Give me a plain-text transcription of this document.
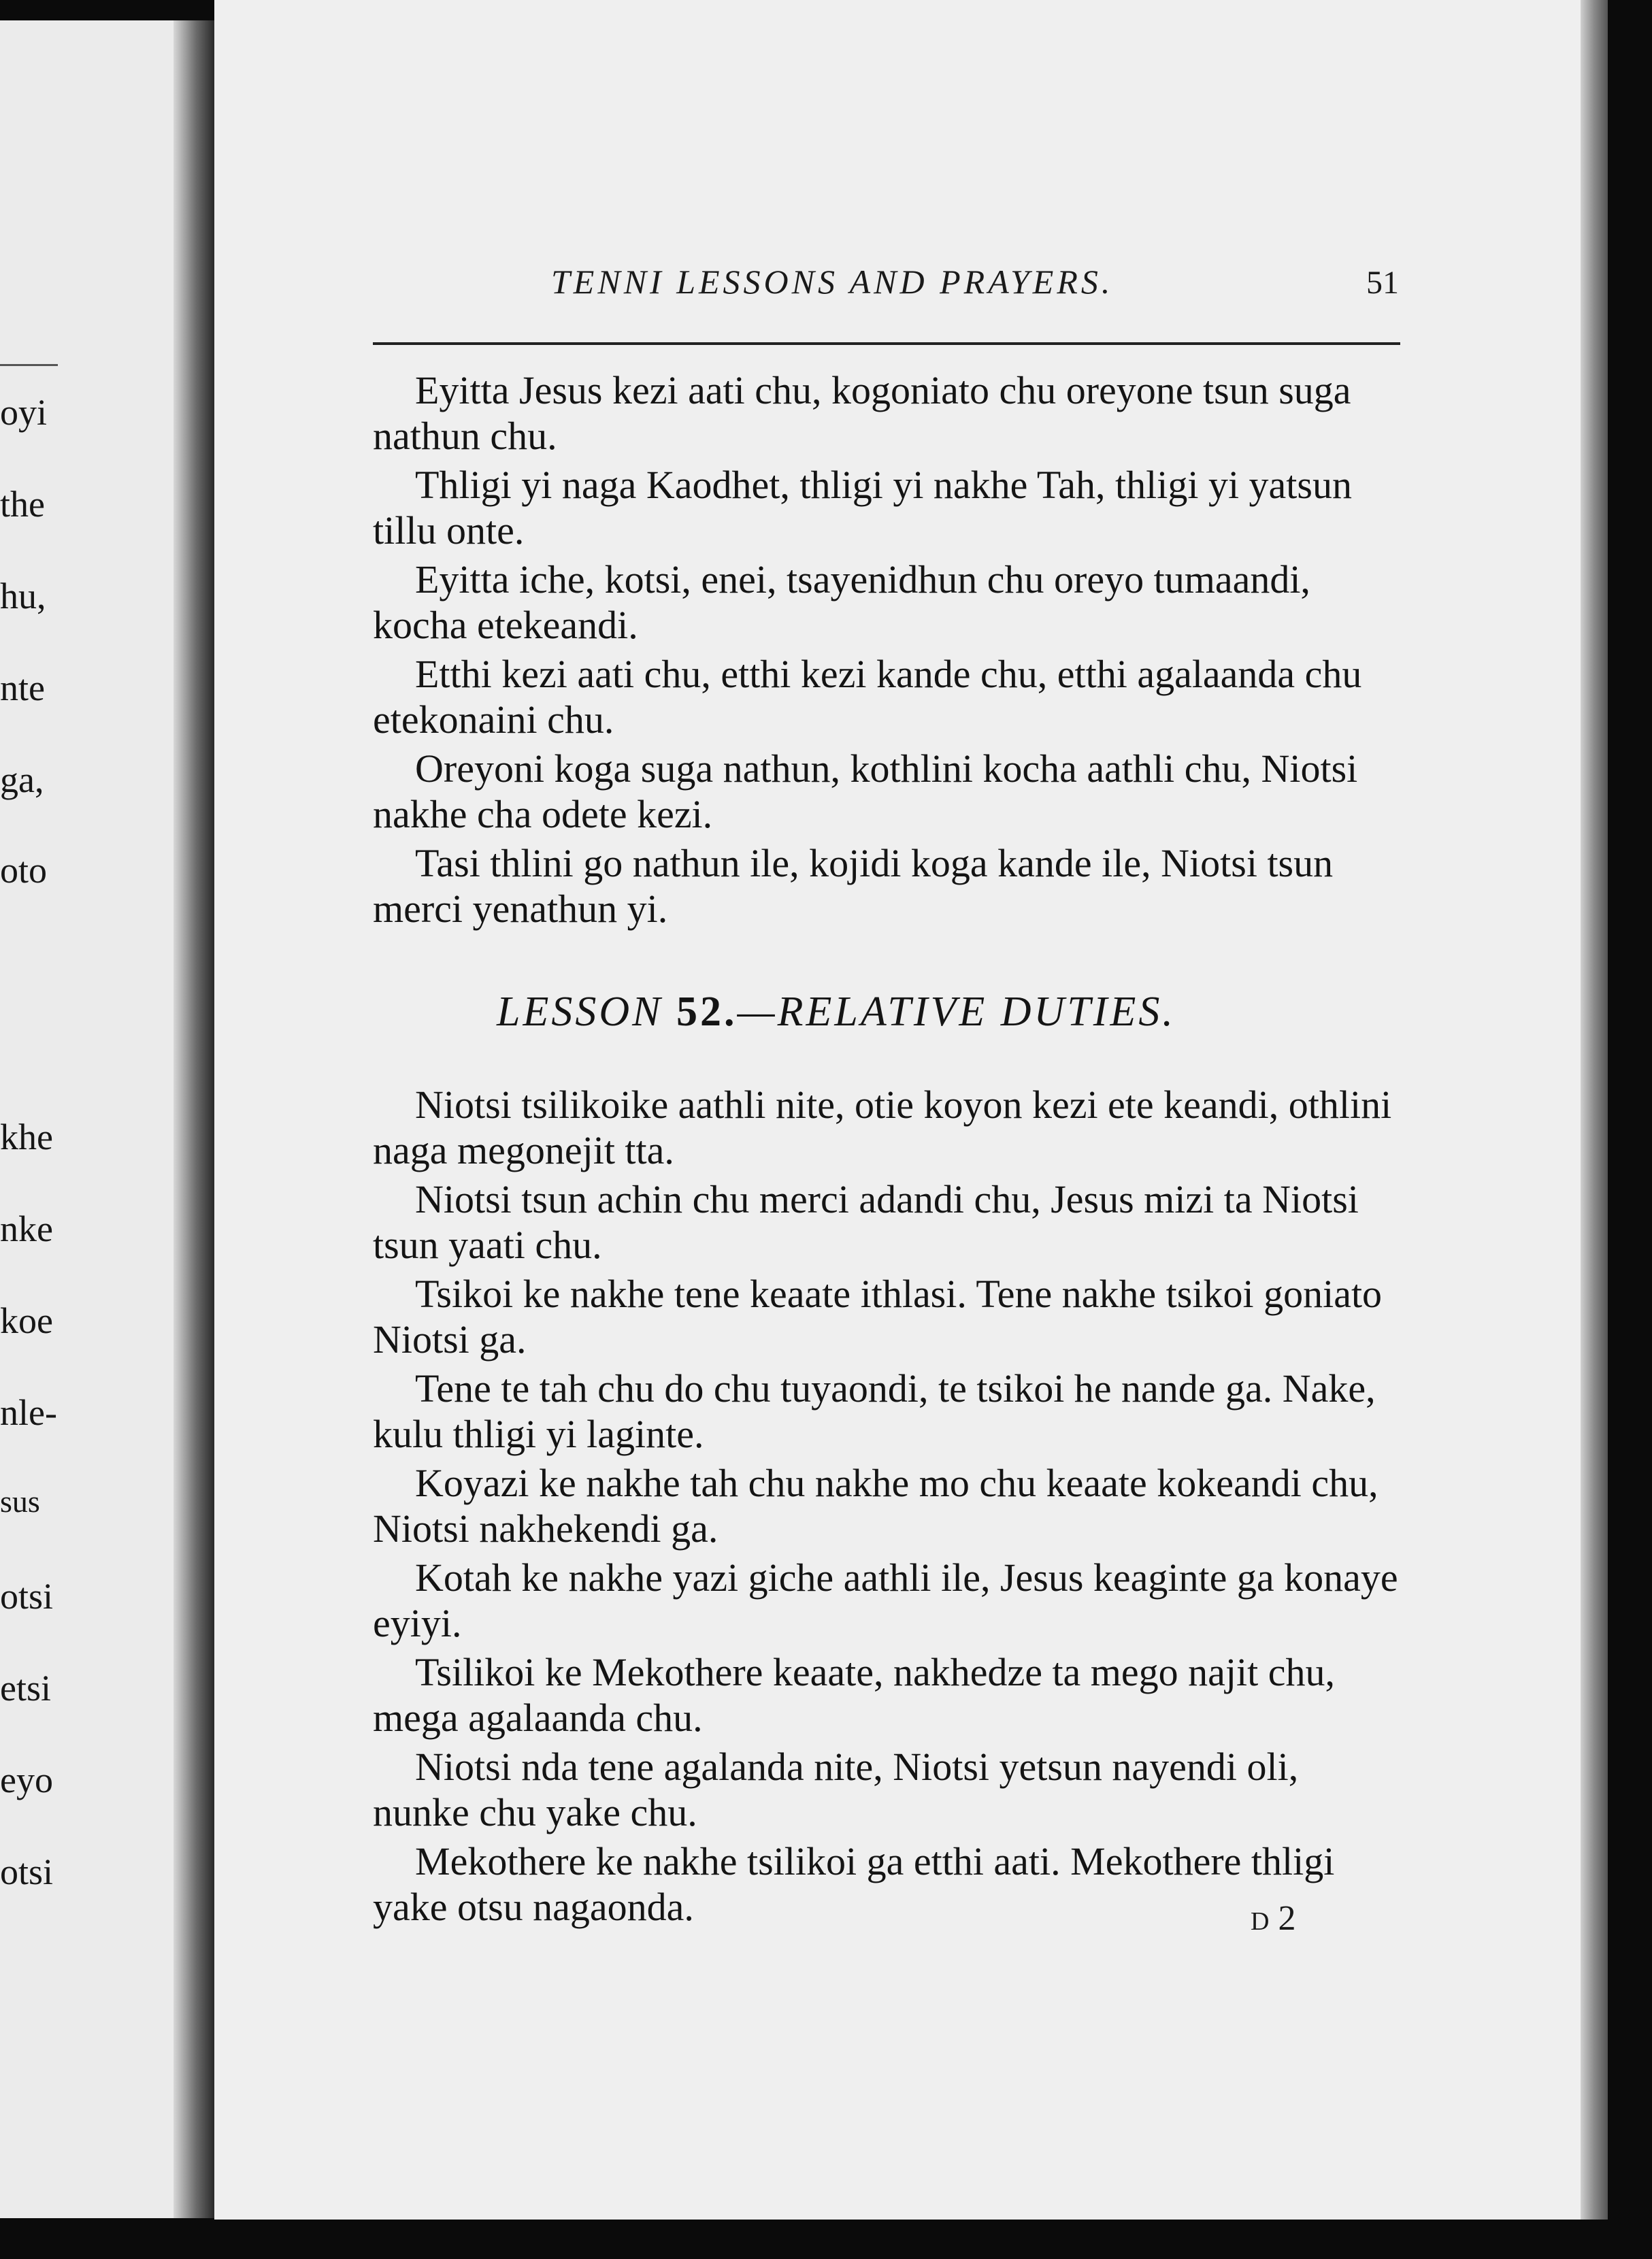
oyi
the
hu,
nte
ga,
oto
khe
nke
koe
nle-
sus
otsi
etsi
eyo
otsi
TENNI LESSONS AND PRAYERS.	51

Eyitta Jesus kezi aati chu, kogoniato chu oreyone tsun suga nathun chu.

Thligi yi naga Kaodhet, thligi yi nakhe Tah, thligi yi yatsun tillu onte.

Eyitta iche, kotsi, enei, tsayenidhun chu oreyo tumaandi, kocha etekeandi.

Etthi kezi aati chu, etthi kezi kande chu, etthi agalaanda chu etekonaini chu.

Oreyoni koga suga nathun, kothlini kocha aathli chu, Niotsi nakhe cha odete kezi.

Tasi thlini go nathun ile, kojidi koga kande ile, Niotsi tsun merci yenathun yi.

LESSON 52.—RELATIVE DUTIES.

Niotsi tsilikoike aathli nite, otie koyon kezi ete keandi, othlini naga megonejit tta.

Niotsi tsun achin chu merci adandi chu, Jesus mizi ta Niotsi tsun yaati chu.

Tsikoi ke nakhe tene keaate ithlasi. Tene nakhe tsikoi goniato Niotsi ga.

Tene te tah chu do chu tuyaondi, te tsikoi he nande ga. Nake, kulu thligi yi laginte.

Koyazi ke nakhe tah chu nakhe mo chu keaate kokeandi chu, Niotsi nakhekendi ga.

Kotah ke nakhe yazi giche aathli ile, Jesus keaginte ga konaye eyiyi.

Tsilikoi ke Mekothere keaate, nakhedze ta mego najit chu, mega agalaanda chu.

Niotsi nda tene agalanda nite, Niotsi yetsun nayendi oli, nunke chu yake chu.

Mekothere ke nakhe tsilikoi ga etthi aati. Mekothere thligi yake otsu nagaonda.	D 2
